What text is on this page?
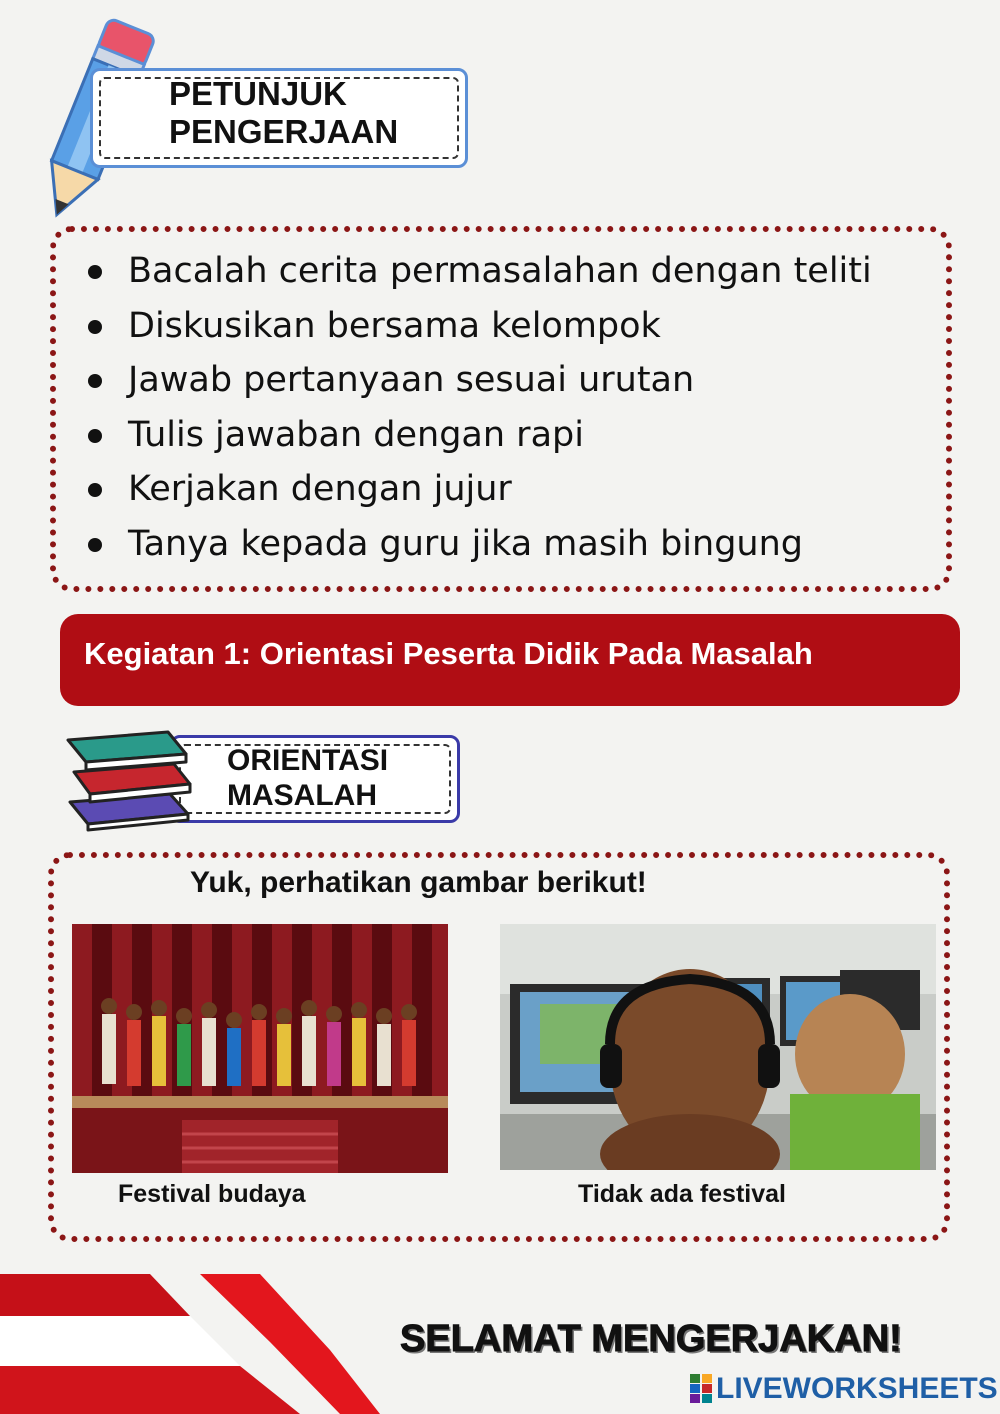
PETUNJUK
PENGERJAAN
Bacalah cerita permasalahan dengan teliti
Diskusikan bersama kelompok
Jawab pertanyaan sesuai urutan
Tulis jawaban dengan rapi
Kerjakan dengan jujur
Tanya kepada guru jika masih bingung
Kegiatan 1: Orientasi Peserta Didik Pada Masalah
ORIENTASI
MASALAH
Yuk, perhatikan gambar berikut!
Festival budaya	Tidak ada festival
SELAMAT MENGERJAKAN!
LIVEWORKSHEETS
